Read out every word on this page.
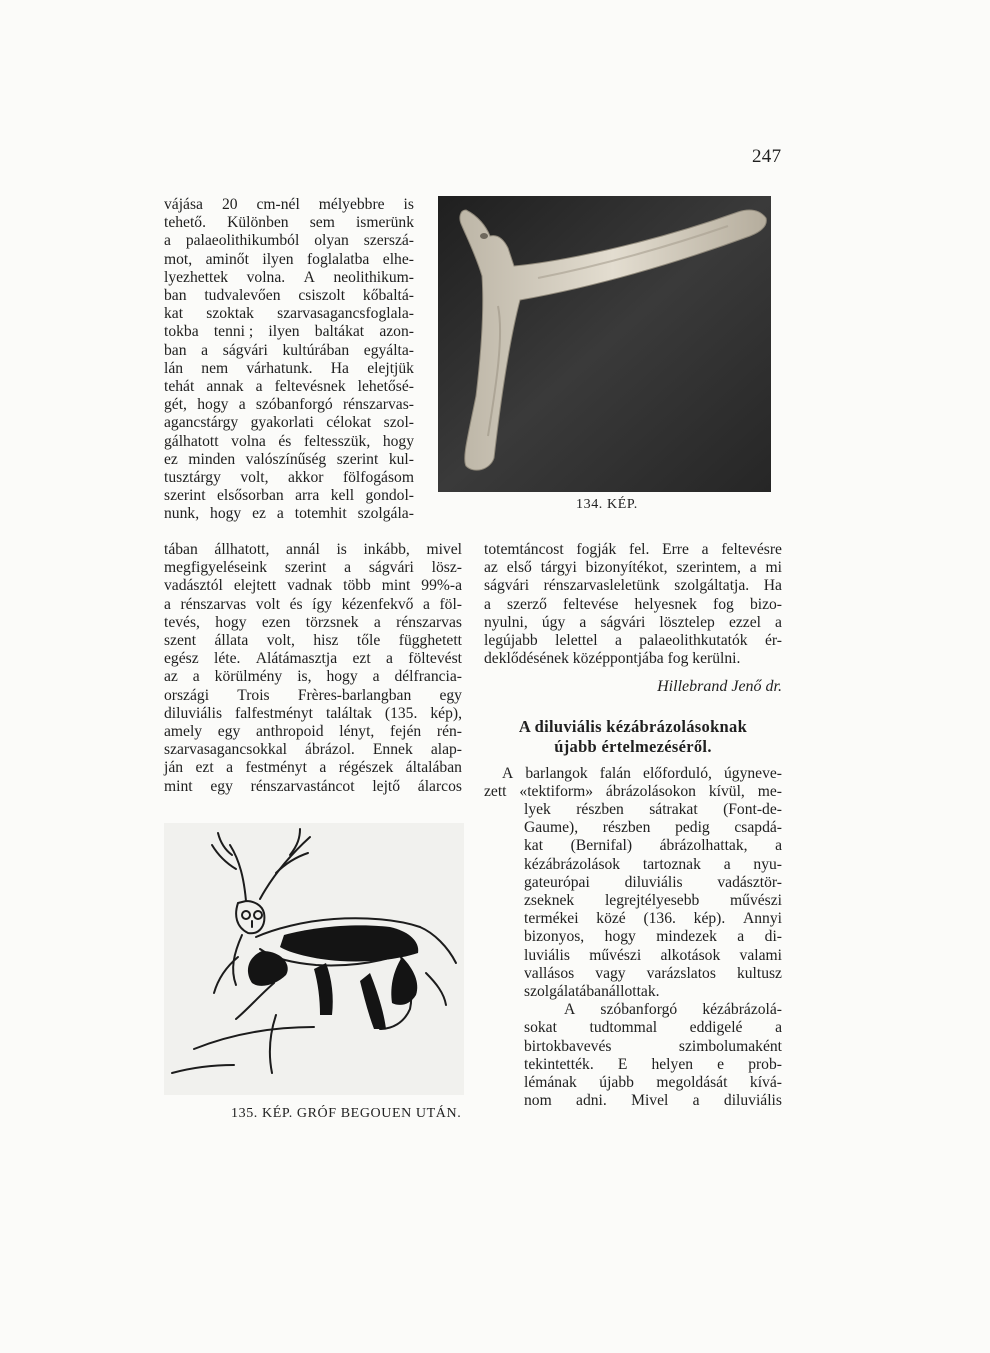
247
vájása 20 cm-nél mélyebbre is
tehető. Különben sem ismerünk
a palaeolithikumból olyan szerszá-
mot, aminőt ilyen foglalatba elhe-
lyezhettek volna. A neolithikum-
ban tudvalevően csiszolt kőbaltá-
kat szoktak szarvasagancsfoglala-
tokba tenni ; ilyen baltákat azon-
ban a ságvári kultúrában egyálta-
lán nem várhatunk. Ha elejtjük
tehát annak a feltevésnek lehetősé-
gét, hogy a szóbanforgó rénszarvas-
agancstárgy gyakorlati célokat szol-
gálhatott volna és feltesszük, hogy
ez minden valószínűség szerint kul-
tusztárgy volt, akkor fölfogásom
szerint elsősorban arra kell gondol-
nunk, hogy ez a totemhit szolgála-
134. KÉP.
tában állhatott, annál is inkább, mivel
megfigyeléseink szerint a ságvári lösz-
vadásztól elejtett vadnak több mint 99%-a
a rénszarvas volt és így kézenfekvő a föl-
tevés, hogy ezen törzsnek a rénszarvas
szent állata volt, hisz tőle függhetett
egész léte. Alátámasztja ezt a föltevést
az a körülmény is, hogy a délfrancia-
országi Trois Frères-barlangban egy
diluviális falfestményt találtak (135. kép),
amely egy anthropoid lényt, fején rén-
szarvasagancsokkal ábrázol. Ennek alap-
ján ezt a festményt a régészek általában
mint egy rénszarvastáncot lejtő álarcos
totemtáncost fogják fel. Erre a feltevésre
az első tárgyi bizonyítékot, szerintem, a mi
ságvári rénszarvasleletünk szolgáltatja. Ha
a szerző feltevése helyesnek fog bizo-
nyulni, úgy a ságvári lösztelep ezzel a
legújabb lelettel a palaeolithkutatók ér-
deklődésének középpontjába fog kerülni.
Hillebrand Jenő dr.
A diluviális kézábrázolásoknak
újabb értelmezéséről.
A barlangok falán előforduló, úgyneve-
zett «tektiform» ábrázolásokon kívül, me-
lyek részben sátrakat (Font-de-
Gaume), részben pedig csapdá-
kat (Bernifal) ábrázolhattak, a
kézábrázolások tartoznak a nyu-
gateurópai diluviális vadásztör-
zseknek legrejtélyesebb művészi
termékei közé (136. kép). Annyi
bizonyos, hogy mindezek a di-
luviális művészi alkotások valami
vallásos vagy varázslatos kultusz
szolgálatábanállottak.
A szóbanforgó kézábrázolá-
sokat tudtommal eddigelé a
birtokbavevés	szimbolumaként
tekintették. E helyen e prob-
lémának újabb megoldását kívá-
nom adni. Mivel a diluviális
135. KÉP. GRÓF BEGOUEN UTÁN.
